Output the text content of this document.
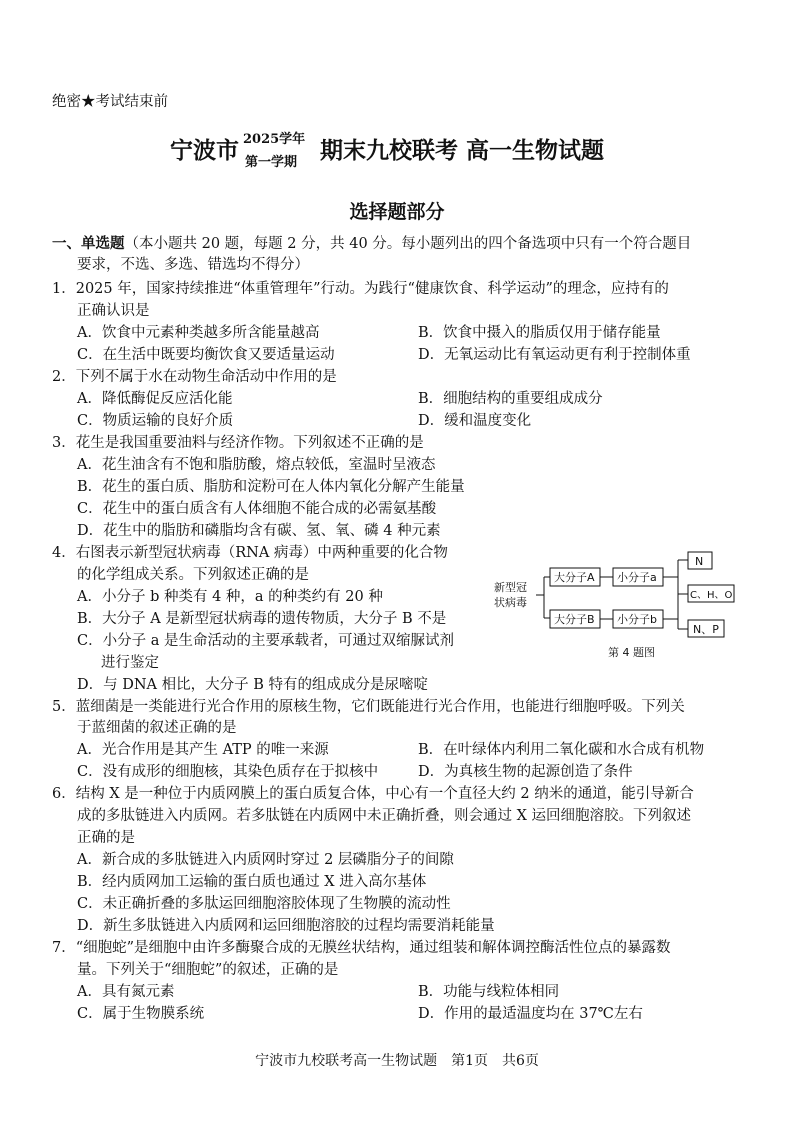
绝密★考试结束前
宁波市 2025学年
第一学期 期末九校联考 高一生物试题
选择题部分
一、单选题（本小题共 20 题，每题 2 分，共 40 分。每小题列出的四个备选项中只有一个符合题目
要求，不选、多选、错选均不得分）
1．2025 年，国家持续推进“体重管理年”行动。为践行“健康饮食、科学运动”的理念，应持有的
正确认识是
A．饮食中元素种类越多所含能量越高	B．饮食中摄入的脂质仅用于储存能量
C．在生活中既要均衡饮食又要适量运动	D．无氧运动比有氧运动更有利于控制体重
2．下列不属于水在动物生命活动中作用的是
A．降低酶促反应活化能	B．细胞结构的重要组成成分
C．物质运输的良好介质	D．缓和温度变化
3．花生是我国重要油料与经济作物。下列叙述不正确的是
A．花生油含有不饱和脂肪酸，熔点较低，室温时呈液态
B．花生的蛋白质、脂肪和淀粉可在人体内氧化分解产生能量
C．花生中的蛋白质含有人体细胞不能合成的必需氨基酸
D．花生中的脂肪和磷脂均含有碳、氢、氧、磷 4 种元素
4．右图表示新型冠状病毒（RNA 病毒）中两种重要的化合物
的化学组成关系。下列叙述正确的是
A．小分子 b 种类有 4 种，a 的种类约有 20 种
B．大分子 A 是新型冠状病毒的遗传物质，大分子 B 不是
C．小分子 a 是生命活动的主要承载者，可通过双缩脲试剂
进行鉴定
D．与 DNA 相比，大分子 B 特有的组成成分是尿嘧啶
新型冠
状病毒
大分子A 小分子a
大分子B 小分子b
N
C、H、O
N、P
第 4 题图
5．蓝细菌是一类能进行光合作用的原核生物，它们既能进行光合作用，也能进行细胞呼吸。下列关
于蓝细菌的叙述正确的是
A．光合作用是其产生 ATP 的唯一来源	B．在叶绿体内利用二氧化碳和水合成有机物
C．没有成形的细胞核，其染色质存在于拟核中	D．为真核生物的起源创造了条件
6．结构 X 是一种位于内质网膜上的蛋白质复合体，中心有一个直径大约 2 纳米的通道，能引导新合
成的多肽链进入内质网。若多肽链在内质网中未正确折叠，则会通过 X 运回细胞溶胶。下列叙述
正确的是
A．新合成的多肽链进入内质网时穿过 2 层磷脂分子的间隙
B．经内质网加工运输的蛋白质也通过 X 进入高尔基体
C．未正确折叠的多肽运回细胞溶胶体现了生物膜的流动性
D．新生多肽链进入内质网和运回细胞溶胶的过程均需要消耗能量
7．“细胞蛇”是细胞中由许多酶聚合成的无膜丝状结构，通过组装和解体调控酶活性位点的暴露数
量。下列关于“细胞蛇”的叙述，正确的是
A．具有氮元素	B．功能与线粒体相同
C．属于生物膜系统	D．作用的最适温度均在 37℃左右
宁波市九校联考高一生物试题　第1页　共6页
